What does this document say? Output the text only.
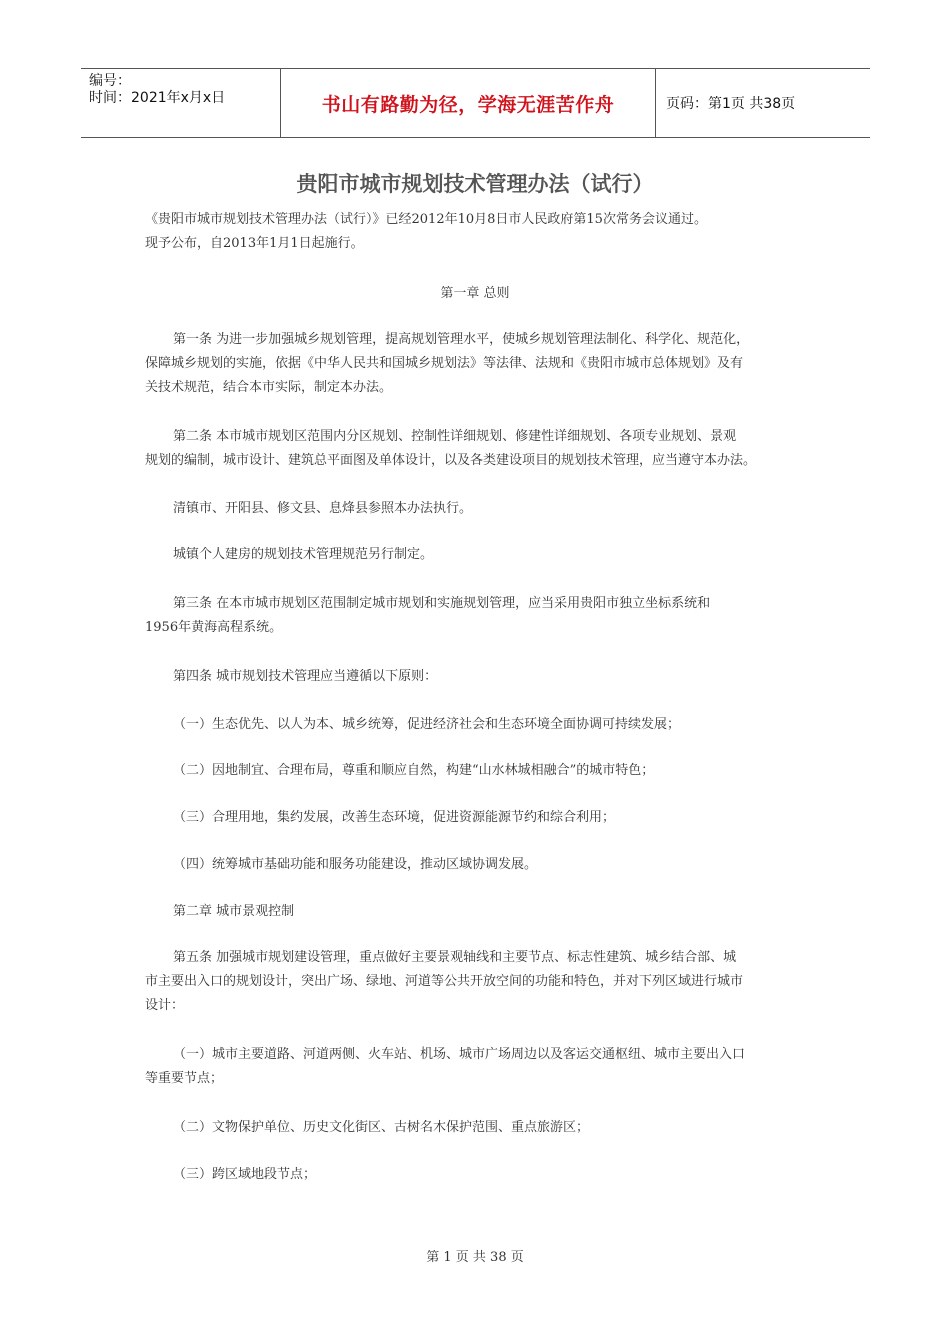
编号：
时间：2021年x月x日	书山有路勤为径，学海无涯苦作舟	页码：第1页 共38页
贵阳市城市规划技术管理办法（试行）
《贵阳市城市规划技术管理办法（试行）》已经2012年10月8日市人民政府第15次常务会议通过。
现予公布，自2013年1月1日起施行。
第一章 总则
第一条 为进一步加强城乡规划管理，提高规划管理水平，使城乡规划管理法制化、科学化、规范化，
保障城乡规划的实施，依据《中华人民共和国城乡规划法》等法律、法规和《贵阳市城市总体规划》及有
关技术规范，结合本市实际，制定本办法。
第二条 本市城市规划区范围内分区规划、控制性详细规划、修建性详细规划、各项专业规划、景观
规划的编制，城市设计、建筑总平面图及单体设计，以及各类建设项目的规划技术管理，应当遵守本办法。
清镇市、开阳县、修文县、息烽县参照本办法执行。
城镇个人建房的规划技术管理规范另行制定。
第三条 在本市城市规划区范围制定城市规划和实施规划管理，应当采用贵阳市独立坐标系统和
1956年黄海高程系统。
第四条 城市规划技术管理应当遵循以下原则：
（一）生态优先、以人为本、城乡统筹，促进经济社会和生态环境全面协调可持续发展；
（二）因地制宜、合理布局，尊重和顺应自然，构建“山水林城相融合”的城市特色；
（三）合理用地，集约发展，改善生态环境，促进资源能源节约和综合利用；
（四）统筹城市基础功能和服务功能建设，推动区域协调发展。
第二章 城市景观控制
第五条 加强城市规划建设管理，重点做好主要景观轴线和主要节点、标志性建筑、城乡结合部、城
市主要出入口的规划设计，突出广场、绿地、河道等公共开放空间的功能和特色，并对下列区域进行城市
设计：
（一）城市主要道路、河道两侧、火车站、机场、城市广场周边以及客运交通枢纽、城市主要出入口
等重要节点；
（二）文物保护单位、历史文化街区、古树名木保护范围、重点旅游区；
（三）跨区域地段节点；
第 1 页 共 38 页
